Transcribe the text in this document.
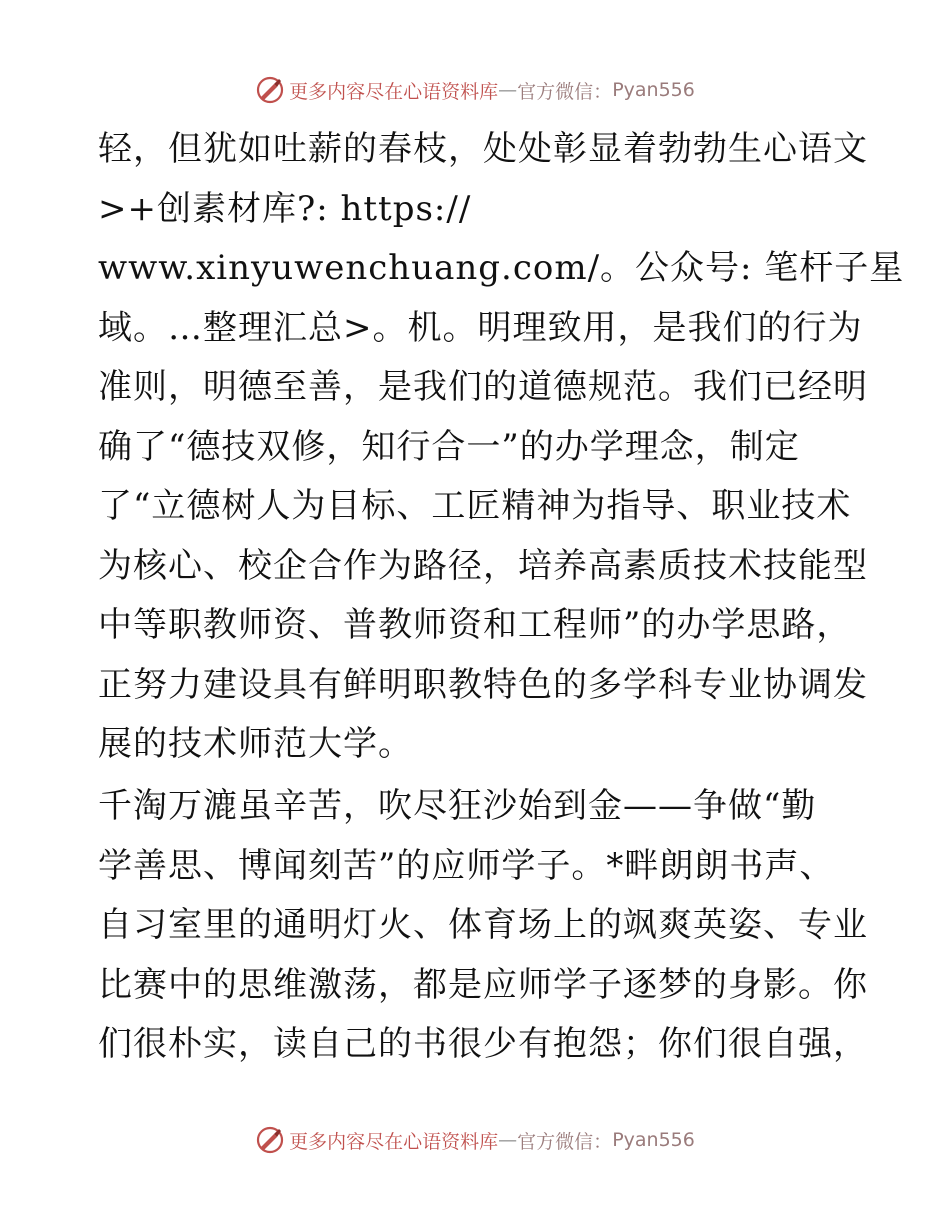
更多内容尽在心语资料库 — 官方微信： Pyan556
轻，但犹如吐薪的春枝，处处彰显着勃勃生心语文
>+创素材库?: https://
www.xinyuwenchuang.com/。公众号: 笔杆子星
域。…整理汇总>。机。明理致用，是我们的行为
准则，明德至善，是我们的道德规范。我们已经明
确了“德技双修，知行合一”的办学理念，制定
了“立德树人为目标、工匠精神为指导、职业技术
为核心、校企合作为路径，培养高素质技术技能型
中等职教师资、普教师资和工程师”的办学思路，
正努力建设具有鲜明职教特色的多学科专业协调发
展的技术师范大学。
千淘万漉虽辛苦，吹尽狂沙始到金——争做“勤
学善思、博闻刻苦”的应师学子。*畔朗朗书声、
自习室里的通明灯火、体育场上的飒爽英姿、专业
比赛中的思维激荡，都是应师学子逐梦的身影。你
们很朴实，读自己的书很少有抱怨；你们很自强，
更多内容尽在心语资料库 — 官方微信： Pyan556
